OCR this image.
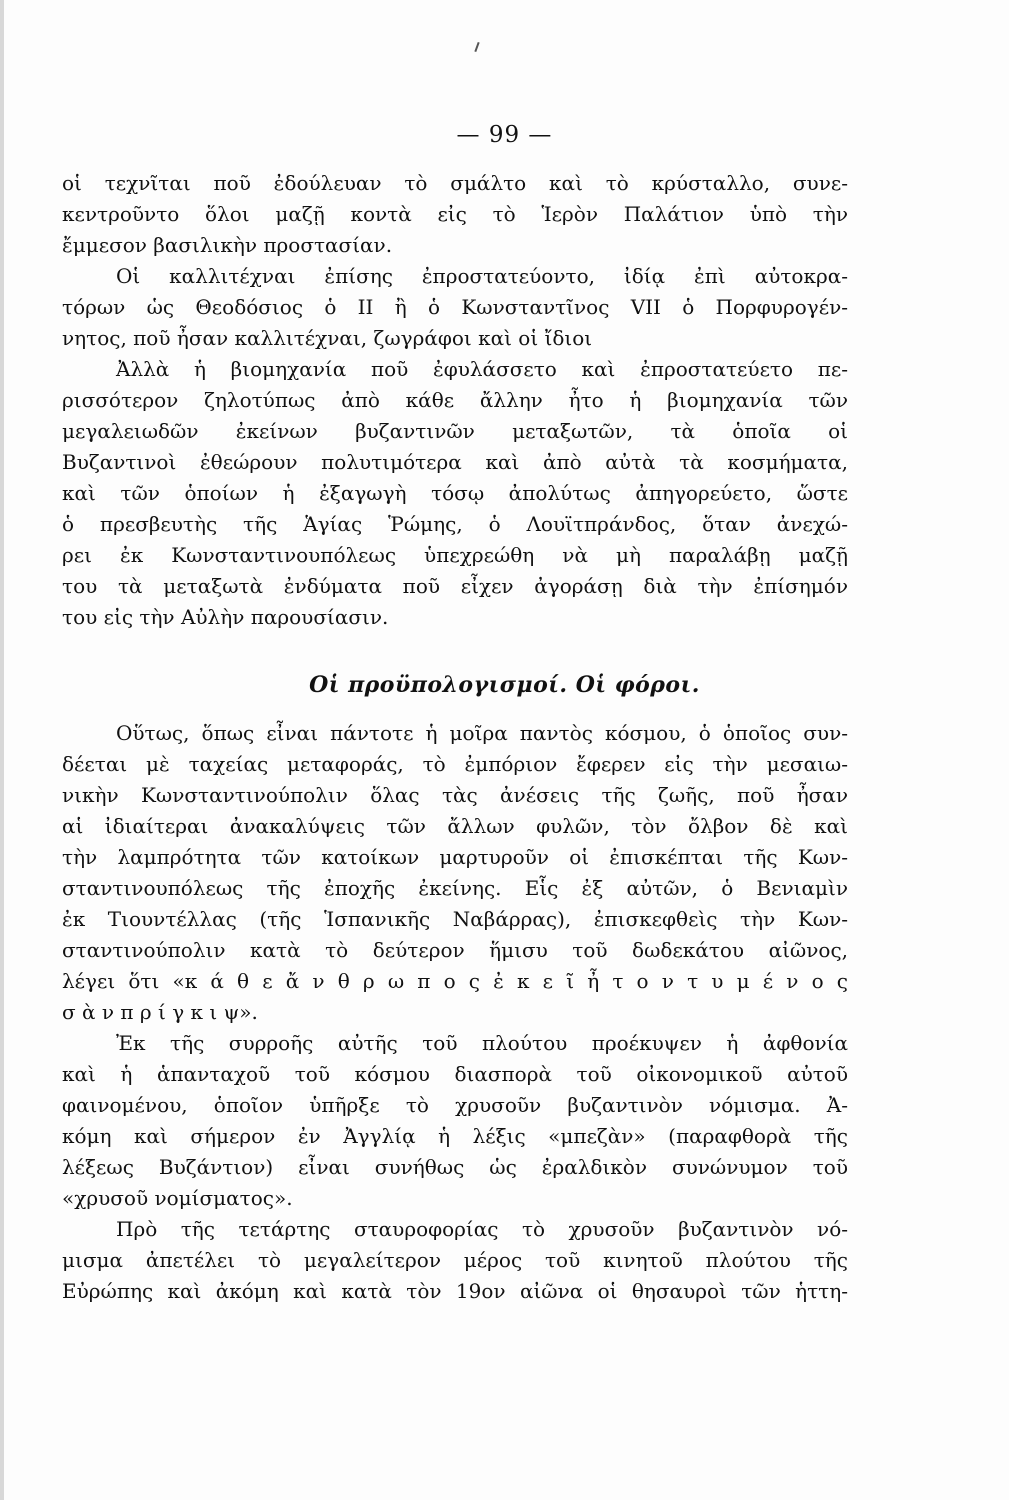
— 99 —
οἱ τεχνῖται ποῦ ἐδούλευαν τὸ σμάλτο καὶ τὸ κρύσταλλο, συνε-
κεντροῦντο ὅλοι μαζῇ κοντὰ εἰς τὸ Ἱερὸν Παλάτιον ὑπὸ τὴν
ἔμμεσον βασιλικὴν προστασίαν.
Οἱ καλλιτέχναι ἐπίσης ἐπροστατεύοντο, ἰδίᾳ ἐπὶ αὐτοκρα-
τόρων ὡς Θεοδόσιος ὁ ΙΙ ἢ ὁ Κωνσταντῖνος VII ὁ Πορφυρογέν-
νητος, ποῦ ἦσαν καλλιτέχναι, ζωγράφοι καὶ οἱ ἴδιοι
Ἀλλὰ ἡ βιομηχανία ποῦ ἐφυλάσσετο καὶ ἐπροστατεύετο πε-
ρισσότερον ζηλοτύπως ἀπὸ κάθε ἄλλην ἦτο ἡ βιομηχανία τῶν
μεγαλειωδῶν ἐκείνων βυζαντινῶν μεταξωτῶν, τὰ ὁποῖα οἱ
Βυζαντινοὶ ἐθεώρουν πολυτιμότερα καὶ ἀπὸ αὐτὰ τὰ κοσμήματα,
καὶ τῶν ὁποίων ἡ ἐξαγωγὴ τόσῳ ἀπολύτως ἀπηγορεύετο, ὥστε
ὁ πρεσβευτὴς τῆς Ἁγίας Ῥώμης, ὁ Λουϊτπράνδος, ὅταν ἀνεχώ-
ρει ἐκ Κωνσταντινουπόλεως ὑπεχρεώθη νὰ μὴ παραλάβῃ μαζῇ
του τὰ μεταξωτὰ ἐνδύματα ποῦ εἶχεν ἀγοράσῃ διὰ τὴν ἐπίσημόν
του εἰς τὴν Αὐλὴν παρουσίασιν.
Οἱ προϋπολογισμοί. Οἱ φόροι.
Οὕτως, ὅπως εἶναι πάντοτε ἡ μοῖρα παντὸς κόσμου, ὁ ὁποῖος συν-
δέεται μὲ ταχείας μεταφοράς, τὸ ἐμπόριον ἔφερεν εἰς τὴν μεσαιω-
νικὴν Κωνσταντινούπολιν ὅλας τὰς ἀνέσεις τῆς ζωῆς, ποῦ ἦσαν
αἱ ἰδιαίτεραι ἀνακαλύψεις τῶν ἄλλων φυλῶν, τὸν ὄλβον δὲ καὶ
τὴν λαμπρότητα τῶν κατοίκων μαρτυροῦν οἱ ἐπισκέπται τῆς Κων-
σταντινουπόλεως τῆς ἐποχῆς ἐκείνης. Εἷς ἐξ αὐτῶν, ὁ Βενιαμὶν
ἐκ Τιουντέλλας (τῆς Ἱσπανικῆς Ναβάρρας), ἐπισκεφθεὶς τὴν Κων-
σταντινούπολιν κατὰ τὸ δεύτερον ἥμισυ τοῦ δωδεκάτου αἰῶνος,
λέγει ὅτι «κ ά θ ε ἄ ν θ ρ ω π ο ς ἐ κ ε ῖ ἦ τ ο ν τ υ μ έ ν ο ς
σ ὰ ν π ρ ί γ κ ι ψ».
Ἐκ τῆς συρροῆς αὐτῆς τοῦ πλούτου προέκυψεν ἡ ἀφθονία
καὶ ἡ ἁπανταχοῦ τοῦ κόσμου διασπορὰ τοῦ οἰκονομικοῦ αὐτοῦ
φαινομένου, ὁποῖον ὑπῆρξε τὸ χρυσοῦν βυζαντινὸν νόμισμα. Ἀ-
κόμη καὶ σήμερον ἐν Ἀγγλίᾳ ἡ λέξις «μπεζὰν» (παραφθορὰ τῆς
λέξεως Βυζάντιον) εἶναι συνήθως ὡς ἐραλδικὸν συνώνυμον τοῦ
«χρυσοῦ νομίσματος».
Πρὸ τῆς τετάρτης σταυροφορίας τὸ χρυσοῦν βυζαντινὸν νό-
μισμα ἀπετέλει τὸ μεγαλείτερον μέρος τοῦ κινητοῦ πλούτου τῆς
Εὐρώπης καὶ ἀκόμη καὶ κατὰ τὸν 19ον αἰῶνα οἱ θησαυροὶ τῶν ἡττη-
